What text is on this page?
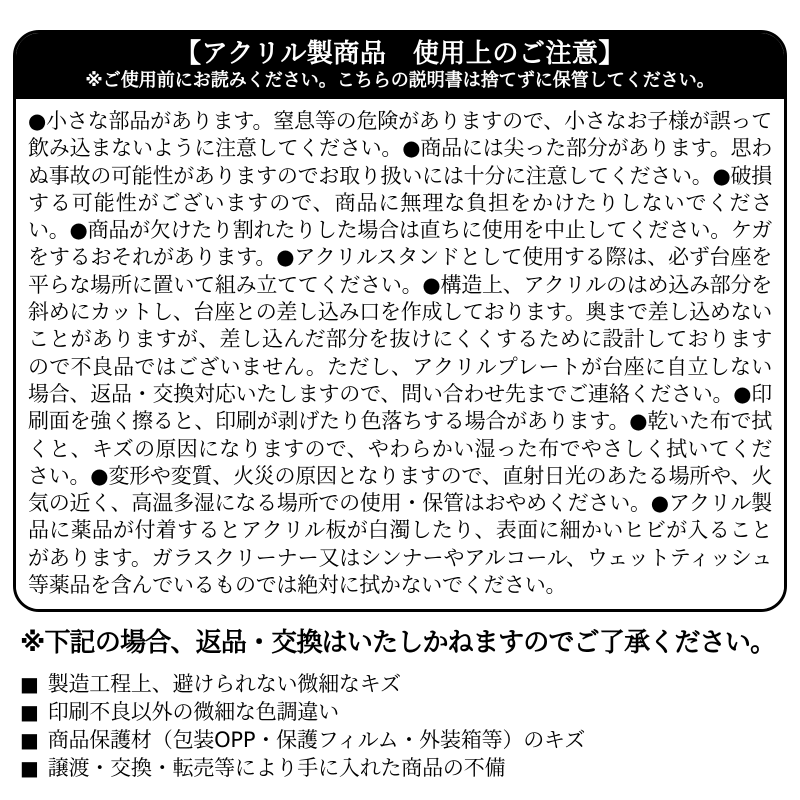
【アクリル製商品　使用上のご注意】
※ご使用前にお読みください。こちらの説明書は捨てずに保管してください。

●小さな部品があります。窒息等の危険がありますので、小さなお子様が誤って飲み込まないように注意してください。●商品には尖った部分があります。思わぬ事故の可能性がありますのでお取り扱いには十分に注意してください。●破損する可能性がございますので、商品に無理な負担をかけたりしないでください。●商品が欠けたり割れたりした場合は直ちに使用を中止してください。ケガをするおそれがあります。●アクリルスタンドとして使用する際は、必ず台座を平らな場所に置いて組み立ててください。●構造上、アクリルのはめ込み部分を斜めにカットし、台座との差し込み口を作成しております。奥まで差し込めないことがありますが、差し込んだ部分を抜けにくくするために設計しておりますので不良品ではございません。ただし、アクリルプレートが台座に自立しない場合、返品・交換対応いたしますので、問い合わせ先までご連絡ください。●印刷面を強く擦ると、印刷が剥げたり色落ちする場合があります。●乾いた布で拭くと、キズの原因になりますので、やわらかい湿った布でやさしく拭いてください。●変形や変質、火災の原因となりますので、直射日光のあたる場所や、火気の近く、高温多湿になる場所での使用・保管はおやめください。●アクリル製品に薬品が付着するとアクリル板が白濁したり、表面に細かいヒビが入ることがあります。ガラスクリーナー又はシンナーやアルコール、ウェットティッシュ等薬品を含んでいるものでは絶対に拭かないでください。

※下記の場合、返品・交換はいたしかねますのでご了承ください。
■ 製造工程上、避けられない微細なキズ
■ 印刷不良以外の微細な色調違い
■ 商品保護材（包装OPP・保護フィルム・外装箱等）のキズ
■ 譲渡・交換・転売等により手に入れた商品の不備
